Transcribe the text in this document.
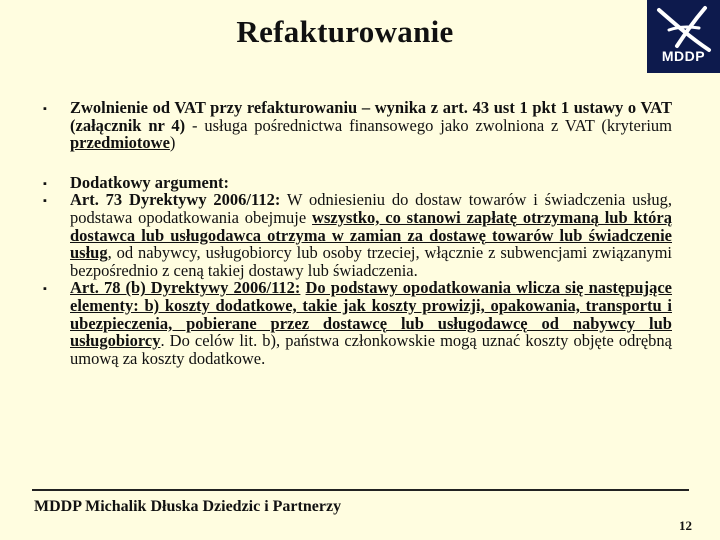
Refakturowanie
MDDP
▪ Zwolnienie od VAT przy refakturowaniu – wynika z art. 43 ust 1 pkt 1 ustawy o VAT (załącznik nr 4) - usługa pośrednictwa finansowego jako zwolniona z VAT (kryterium przedmiotowe)
▪ Dodatkowy argument:
▪ Art. 73 Dyrektywy 2006/112: W odniesieniu do dostaw towarów i świadczenia usług, podstawa opodatkowania obejmuje wszystko, co stanowi zapłatę otrzymaną lub którą dostawca lub usługodawca otrzyma w zamian za dostawę towarów lub świadczenie usług, od nabywcy, usługobiorcy lub osoby trzeciej, włącznie z subwencjami związanymi bezpośrednio z ceną takiej dostawy lub świadczenia.
▪ Art. 78 (b) Dyrektywy 2006/112: Do podstawy opodatkowania wlicza się następujące elementy: b) koszty dodatkowe, takie jak koszty prowizji, opakowania, transportu i ubezpieczenia, pobierane przez dostawcę lub usługodawcę od nabywcy lub usługobiorcy. Do celów lit. b), państwa członkowskie mogą uznać koszty objęte odrębną umową za koszty dodatkowe.
MDDP Michalik Dłuska Dziedzic i Partnerzy
12
